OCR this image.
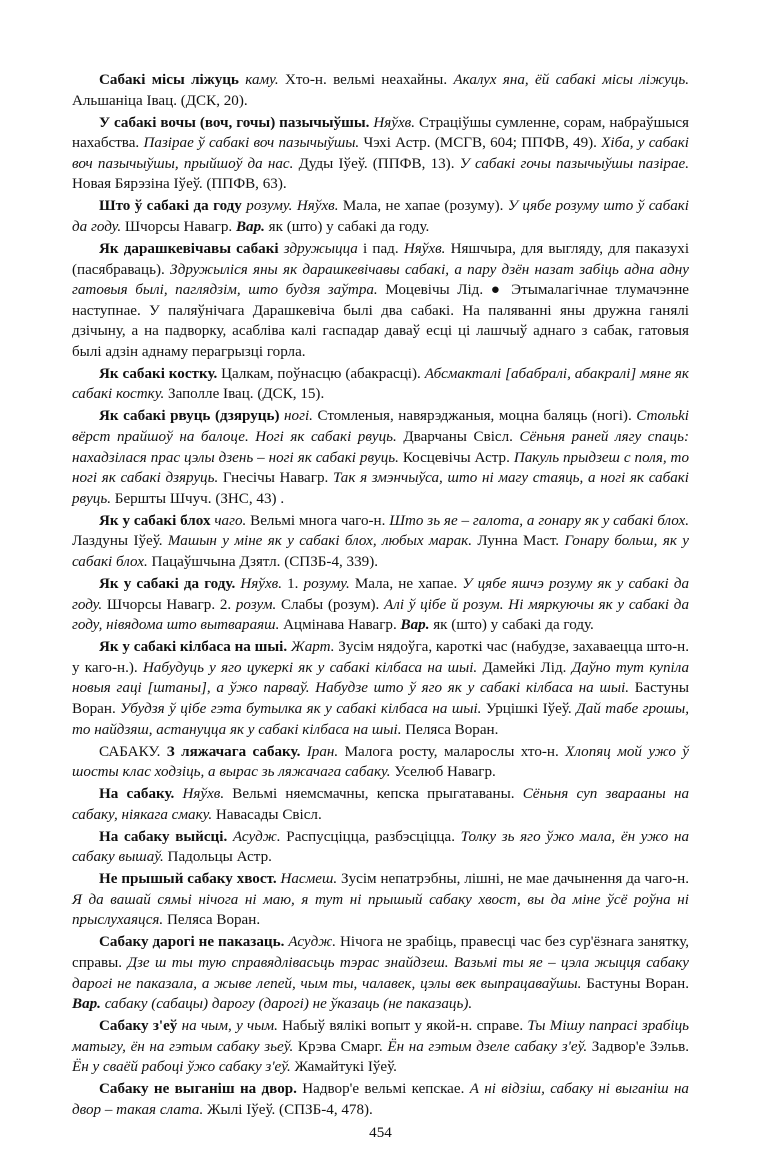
Сабакі місы ліжуць каму. Хто-н. вельмі неахайны. Акалух яна, ёй сабакі місы ліжуць. Альшаніца Івац. (ДСК, 20).

У сабакі вочы (воч, гочы) пазычыўшы. Няўхв. Страціўшы сумленне, сорам, набраўшыся нахабства. Пазірае ў сабакі воч пазычыўшы. Чэхі Астр. (МСГВ, 604; ППФВ, 49). Хіба, у сабакі воч пазычыўшы, прыйшоў да нас. Дуды Іўеў. (ППФВ, 13). У сабакі гочы пазычыўшы пазірае. Новая Бярэзіна Іўеў. (ППФВ, 63).

Што ў сабакі да году розуму. Няўхв. Мала, не хапае (розуму). У цябе розуму што ў сабакі да году. Шчорсы Навагр. Вар. як (што) у сабакі да году.

Як дарашкевічавы сабакі здружыцца і пад. Няўхв. Няшчыра, для выгляду, для паказухі (пасябраваць). Здружыліся яны як дарашкевічавы сабакі, а пару дзён назат забіць адна адну гатовыя былі, паглядзім, што будзя заўтра. Моцевічы Лід. ● Этымалагічнае тлумачэнне наступнае. У паляўнічага Дарашкевіча былі два сабакі. На паляванні яны дружна ганялі дзічыну, а на падворку, асабліва калі гаспадар даваў есці ці лашчыў аднаго з сабак, гатовыя былі адзін аднаму перагрызці горла.

Як сабакі костку. Цалкам, поўнасцю (абакрасці). Абсмакталі [абабралі, абакралі] мяне як сабакі костку. Заполле Івац. (ДСК, 15).

Як сабакі рвуць (дзяруць) ногі. Стомленыя, навярэджаныя, моцна баляць (ногі). Стольki вёрст прайшоў на балоце. Ногі як сабакі рвуць. Дварчаны Свісл. Сёньня раней лягу спаць: нахадзілася прас цэлы дзень – ногі як сабакі рвуць. Косцевічы Астр. Пакуль прыдзеш с поля, то ногі як сабакі дзяруць. Гнесічы Навагр. Так я змэнчыўса, што ні магу стаяць, а ногі як сабакі рвуць. Бершты Шчуч. (ЗНС, 43) .

Як у сабакі блох чаго. Вельмі многа чаго-н. Што зь яе – галота, а гонару як у сабакі блох. Лаздуны Іўеў. Машын у міне як у сабакі блох, любых марак. Лунна Маст. Гонару больш, як у сабакі блох. Пацаўшчына Дзятл. (СПЗБ-4, 339).

Як у сабакі да году. Няўхв. 1. розуму. Мала, не хапае. У цябе яшчэ розуму як у сабакі да году. Шчорсы Навагр. 2. розум. Слабы (розум). Алі ў цібе й розум. Ні мяркуючы як у сабакі да году, нівядома што вытвараяш. Ацмінава Навагр. Вар. як (што) у сабакі да году.

Як у сабакі кілбаса на шыі. Жарт. Зусім нядоўга, кароткі час (набудзе, захаваецца што-н. у каго-н.). Набудуць у яго цукеркі як у сабакі кілбаса на шыі. Дамейкі Лід. Даўно тут купіла новыя гаці [штаны], а ўжо парваў. Набудзе што ў яго як у сабакі кілбаса на шыі. Бастуны Воран. Убудзя ў цібе гэта бутылка як у сабакі кілбаса на шыі. Урцішкі Іўеў. Дай табе грошы, то найдзяш, астануцца як у сабакі кілбаса на шыі. Пеляса Воран.

САБАКУ. З ляжачага сабаку. Іран. Малога росту, маларослы хто-н. Хлопяц мой ужо ў шосты клас ходзіць, а вырас зь ляжачага сабаку. Уселюб Навагр.

На сабаку. Няўхв. Вельмі няемсмачны, кепска прыгатаваны. Сёньня суп зварааны на сабаку, ніякага смаку. Навасады Свісл.

На сабаку выйсці. Асудж. Распусціцца, разбэсціцца. Толку зь яго ўжо мала, ён ужо на сабаку вышаў. Падольцы Астр.

Не прышый сабаку хвост. Насмеш. Зусім непатрэбны, лішні, не мае дачынення да чаго-н. Я да вашай сямьі нічога ні маю, я тут ні прышый сабаку хвост, вы да міне ўсё роўна ні прыслухаяцся. Пеляса Воран.

Сабаку дарогі не паказаць. Асудж. Нічога не зрабіць, правесці час без сур'ёзнага занятку, справы. Дзе ш ты тую справядлівасьць тэрас знайдзеш. Вазьмі ты яе – цэла жыцця сабаку дарогі не паказала, а жыве лепей, чым ты, чалавек, цэлы век выпрацаваўшы. Бастуны Воран. Вар. сабаку (сабацы) дарогу (дарогі) не ўказаць (не паказаць).

Сабаку з'еў на чым, у чым. Набыў вялікі вопыт у якой-н. справе. Ты Мішу папрасі зрабіць матыгу, ён на гэтым сабаку зьеў. Крэва Смарг. Ён на гэтым дзеле сабаку з'еў. Задвор'е Зэльв. Ён у сваёй рабоці ўжо сабаку з'еў. Жамайтукі Іўеў.

Сабаку не выганіш на двор. Надвор'е вельмі кепскае. А ні відзіш, сабаку ні выганіш на двор – такая слата. Жылі Іўеў. (СПЗБ-4, 478).

454
